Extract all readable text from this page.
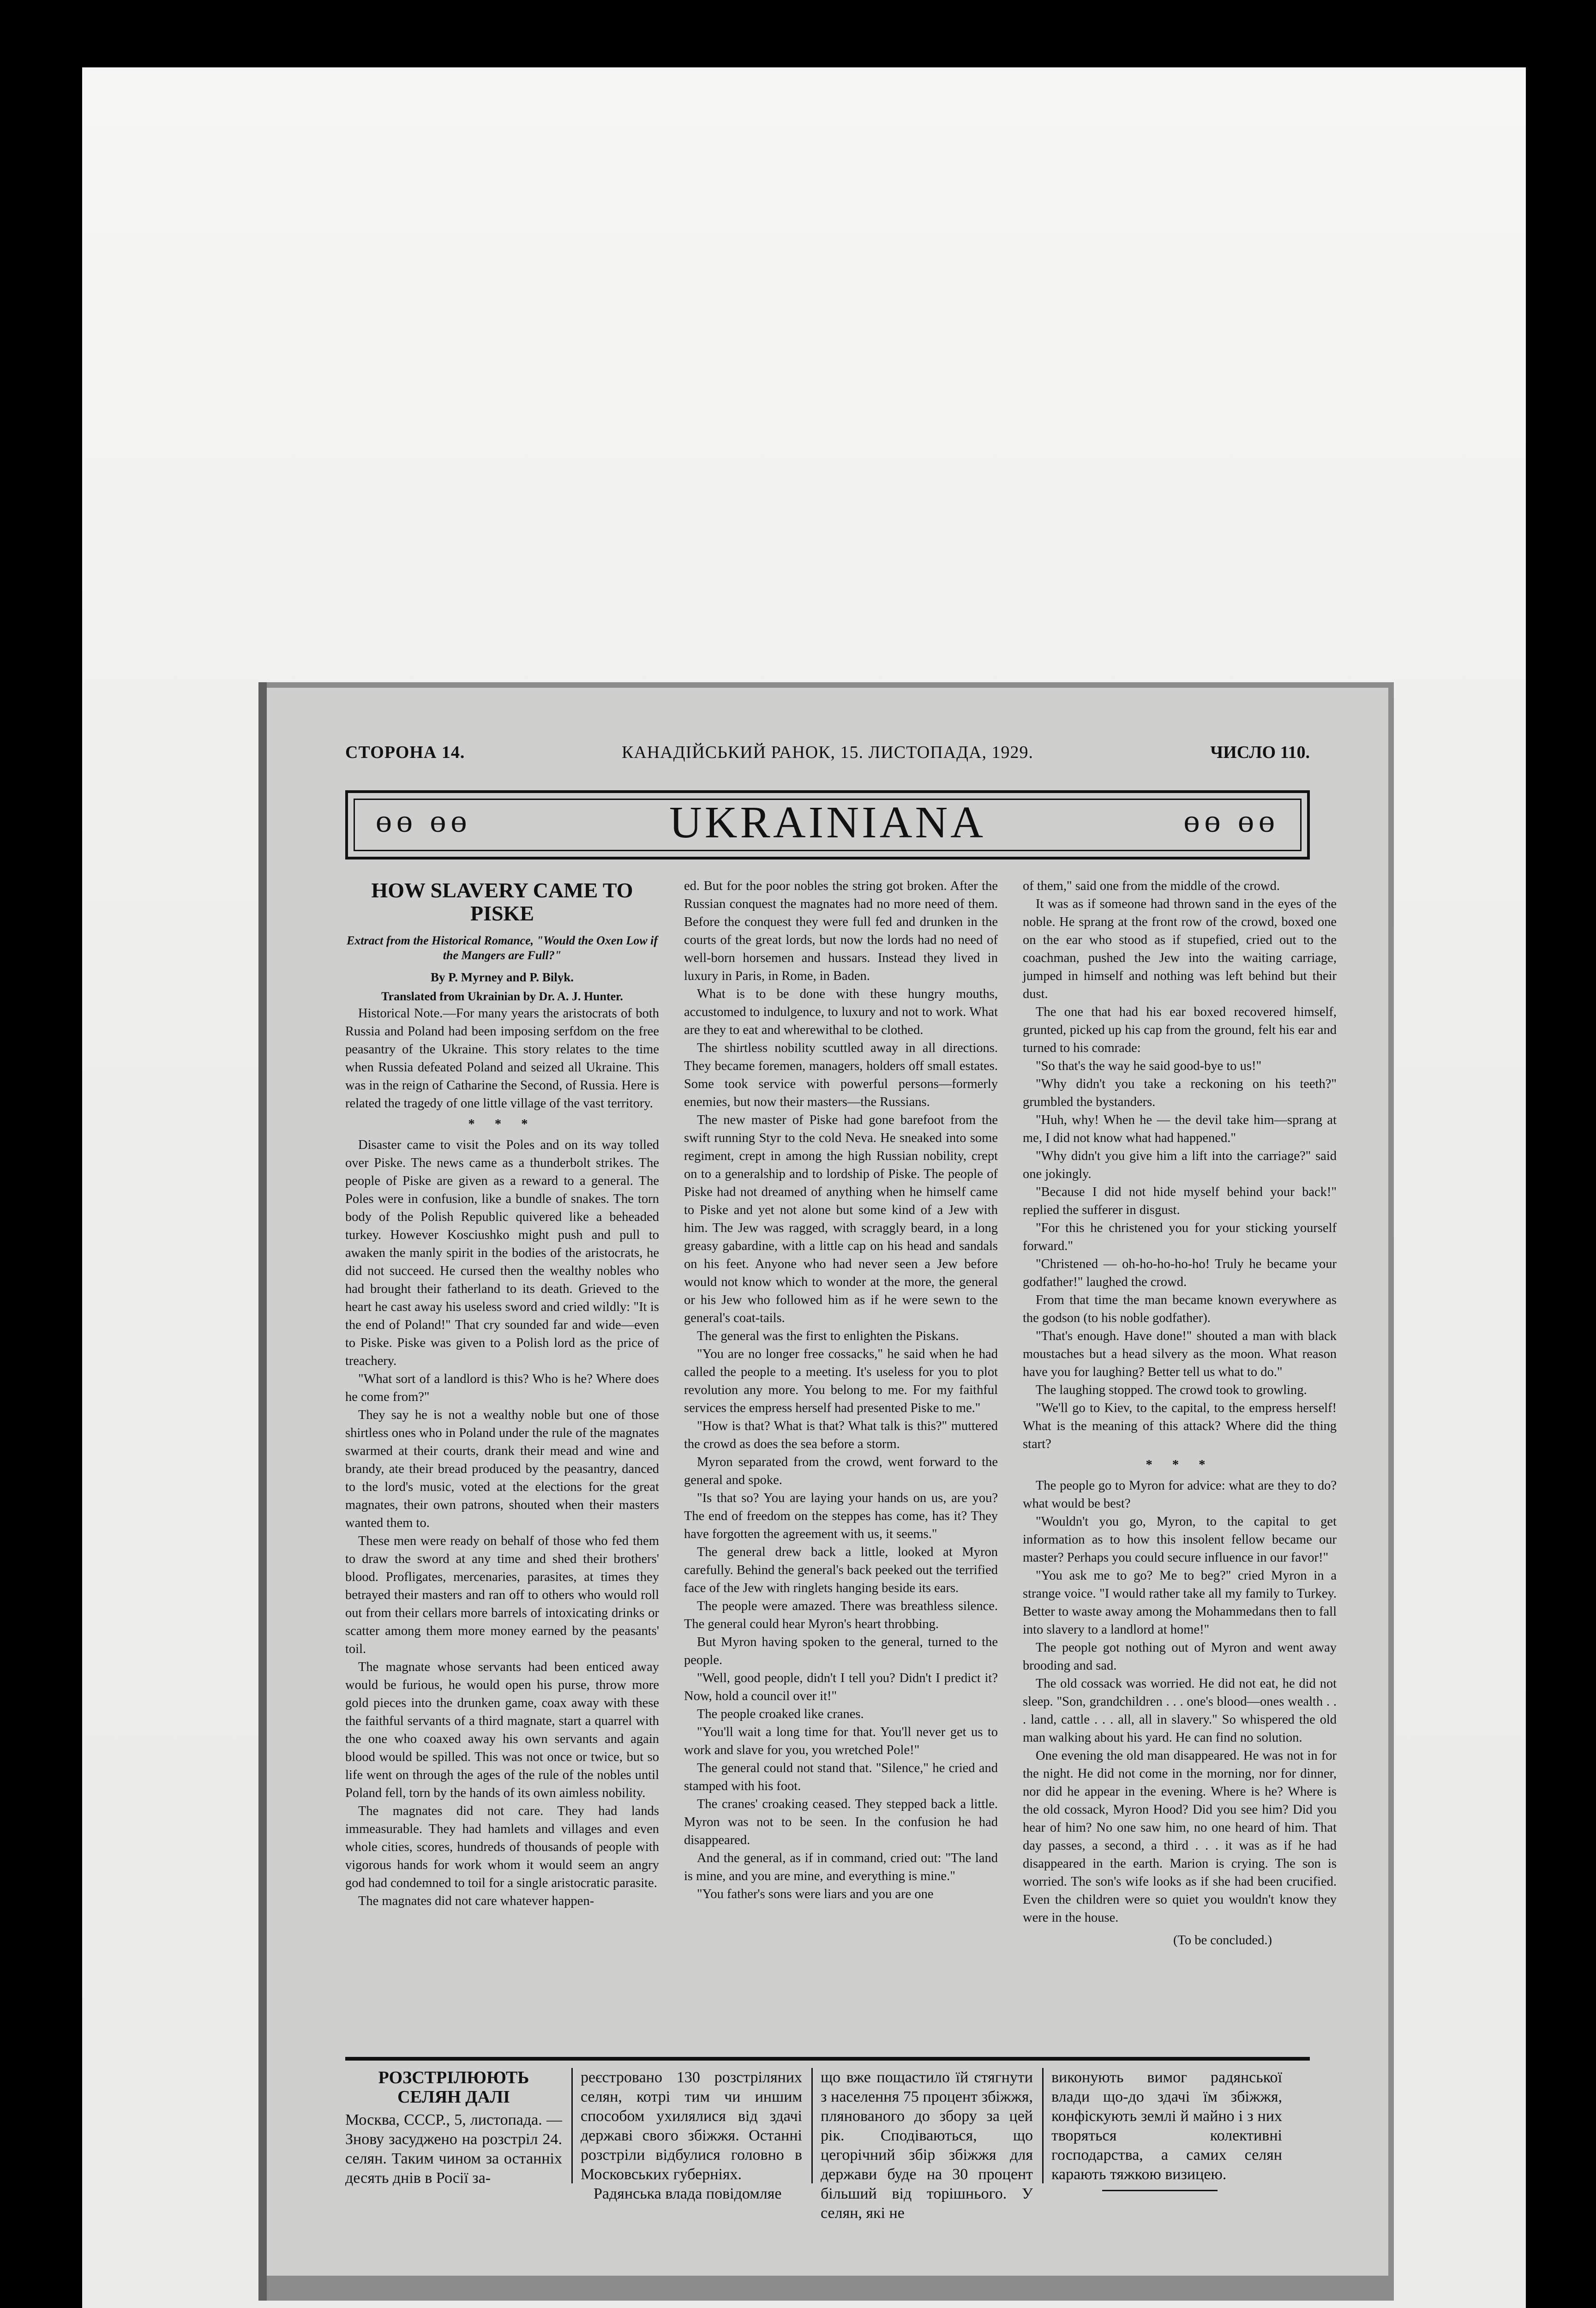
СТОРОНА 14.	КАНАДІЙСЬКИЙ РАНОК, 15. ЛИСТОПАДА, 1929.	ЧИСЛО 110.
ɵɵ ɵɵ	UKRAINIANA	ɵɵ ɵɵ
HOW SLAVERY CAME TO PISKE
Extract from the Historical Romance, "Would the Oxen Low if the Mangers are Full?"
By P. Myrney and P. Bilyk.
Translated from Ukrainian by Dr. A. J. Hunter.

Historical Note.—For many years the aristocrats of both Russia and Poland had been imposing serfdom on the free peasantry of the Ukraine. This story relates to the time when Russia defeated Poland and seized all Ukraine. This was in the reign of Catharine the Second, of Russia. Here is related the tragedy of one little village of the vast territory.

* * *

Disaster came to visit the Poles and on its way tolled over Piske. The news came as a thunderbolt strikes. The people of Piske are given as a reward to a general. The Poles were in confusion, like a bundle of snakes. The torn body of the Polish Republic quivered like a beheaded turkey. However Kosciushko might push and pull to awaken the manly spirit in the bodies of the aristocrats, he did not succeed. He cursed then the wealthy nobles who had brought their fatherland to its death. Grieved to the heart he cast away his useless sword and cried wildly: "It is the end of Poland!" That cry sounded far and wide—even to Piske. Piske was given to a Polish lord as the price of treachery.

"What sort of a landlord is this? Who is he? Where does he come from?"

They say he is not a wealthy noble but one of those shirtless ones who in Poland under the rule of the magnates swarmed at their courts, drank their mead and wine and brandy, ate their bread produced by the peasantry, danced to the lord's music, voted at the elections for the great magnates, their own patrons, shouted when their masters wanted them to.

These men were ready on behalf of those who fed them to draw the sword at any time and shed their brothers' blood. Profligates, mercenaries, parasites, at times they betrayed their masters and ran off to others who would roll out from their cellars more barrels of intoxicating drinks or scatter among them more money earned by the peasants' toil.

The magnate whose servants had been enticed away would be furious, he would open his purse, throw more gold pieces into the drunken game, coax away with these the faithful servants of a third magnate, start a quarrel with the one who coaxed away his own servants and again blood would be spilled. This was not once or twice, but so life went on through the ages of the rule of the nobles until Poland fell, torn by the hands of its own aimless nobility.

The magnates did not care. They had lands immeasurable. They had hamlets and villages and even whole cities, scores, hundreds of thousands of people with vigorous hands for work whom it would seem an angry god had condemned to toil for a single aristocratic parasite.

The magnates did not care whatever happen-

ed. But for the poor nobles the string got broken. After the Russian conquest the magnates had no more need of them. Before the conquest they were full fed and drunken in the courts of the great lords, but now the lords had no need of well-born horsemen and hussars. Instead they lived in luxury in Paris, in Rome, in Baden.

What is to be done with these hungry mouths, accustomed to indulgence, to luxury and not to work. What are they to eat and wherewithal to be clothed.

The shirtless nobility scuttled away in all directions. They became foremen, managers, holders off small estates. Some took service with powerful persons—formerly enemies, but now their masters—the Russians.

The new master of Piske had gone barefoot from the swift running Styr to the cold Neva. He sneaked into some regiment, crept in among the high Russian nobility, crept on to a generalship and to lordship of Piske. The people of Piske had not dreamed of anything when he himself came to Piske and yet not alone but some kind of a Jew with him. The Jew was ragged, with scraggly beard, in a long greasy gabardine, with a little cap on his head and sandals on his feet. Anyone who had never seen a Jew before would not know which to wonder at the more, the general or his Jew who followed him as if he were sewn to the general's coat-tails.

The general was the first to enlighten the Piskans.

"You are no longer free cossacks," he said when he had called the people to a meeting. It's useless for you to plot revolution any more. You belong to me. For my faithful services the empress herself had presented Piske to me."

"How is that? What is that? What talk is this?" muttered the crowd as does the sea before a storm.

Myron separated from the crowd, went forward to the general and spoke.

"Is that so? You are laying your hands on us, are you? The end of freedom on the steppes has come, has it? They have forgotten the agreement with us, it seems."

The general drew back a little, looked at Myron carefully. Behind the general's back peeked out the terrified face of the Jew with ringlets hanging beside its ears.

The people were amazed. There was breathless silence. The general could hear Myron's heart throbbing.

But Myron having spoken to the general, turned to the people.

"Well, good people, didn't I tell you? Didn't I predict it? Now, hold a council over it!"

The people croaked like cranes.

"You'll wait a long time for that. You'll never get us to work and slave for you, you wretched Pole!"

The general could not stand that. "Silence," he cried and stamped with his foot.

The cranes' croaking ceased. They stepped back a little. Myron was not to be seen. In the confusion he had disappeared.

And the general, as if in command, cried out: "The land is mine, and you are mine, and everything is mine."

"You father's sons were liars and you are one

of them," said one from the middle of the crowd.

It was as if someone had thrown sand in the eyes of the noble. He sprang at the front row of the crowd, boxed one on the ear who stood as if stupefied, cried out to the coachman, pushed the Jew into the waiting carriage, jumped in himself and nothing was left behind but their dust.

The one that had his ear boxed recovered himself, grunted, picked up his cap from the ground, felt his ear and turned to his comrade:

"So that's the way he said good-bye to us!"

"Why didn't you take a reckoning on his teeth?" grumbled the bystanders.

"Huh, why! When he — the devil take him—sprang at me, I did not know what had happened."

"Why didn't you give him a lift into the carriage?" said one jokingly.

"Because I did not hide myself behind your back!" replied the sufferer in disgust.

"For this he christened you for your sticking yourself forward."

"Christened — oh-ho-ho-ho-ho! Truly he became your godfather!" laughed the crowd.

From that time the man became known everywhere as the godson (to his noble godfather).

"That's enough. Have done!" shouted a man with black moustaches but a head silvery as the moon. What reason have you for laughing? Better tell us what to do."

The laughing stopped. The crowd took to growling.

"We'll go to Kiev, to the capital, to the empress herself! What is the meaning of this attack? Where did the thing start?

* * *

The people go to Myron for advice: what are they to do? what would be best?

"Wouldn't you go, Myron, to the capital to get information as to how this insolent fellow became our master? Perhaps you could secure influence in our favor!"

"You ask me to go? Me to beg?" cried Myron in a strange voice. "I would rather take all my family to Turkey. Better to waste away among the Mohammedans then to fall into slavery to a landlord at home!"

The people got nothing out of Myron and went away brooding and sad.

The old cossack was worried. He did not eat, he did not sleep. "Son, grandchildren . . . one's blood—ones wealth . . . land, cattle . . . all, all in slavery." So whispered the old man walking about his yard. He can find no solution.

One evening the old man disappeared. He was not in for the night. He did not come in the morning, nor for dinner, nor did he appear in the evening. Where is he? Where is the old cossack, Myron Hood? Did you see him? Did you hear of him? No one saw him, no one heard of him. That day passes, a second, a third . . . it was as if he had disappeared in the earth. Marion is crying. The son is worried. The son's wife looks as if she had been crucified. Even the children were so quiet you wouldn't know they were in the house.

(To be concluded.)
РОЗСТРІЛЮЮТЬ СЕЛЯН ДАЛІ

Москва, СССР., 5, листопада. —Знову засуджено на розстріл 24. селян. Таким чином за останніх десять днів в Росії за-

реєстровано 130 розстріляних селян, котрі тим чи иншим способом ухилялися від здачі державі свого збіжжя. Останні розстріли відбулися головно в Московських губерніях.

Радянська влада повідомляе

що вже пощастило їй стягнути з населення 75 процент збіжжя, плянованого до збору за цей рік. Сподіваються, що цегорічний збір збіжжя для держави буде на 30 процент більший від торішнього. У селян, які не

виконують вимог радянської влади що-до здачі їм збіжжя, конфіскують землі й майно і з них творяться колективні господарства, а самих селян карають тяжкою визицею.
